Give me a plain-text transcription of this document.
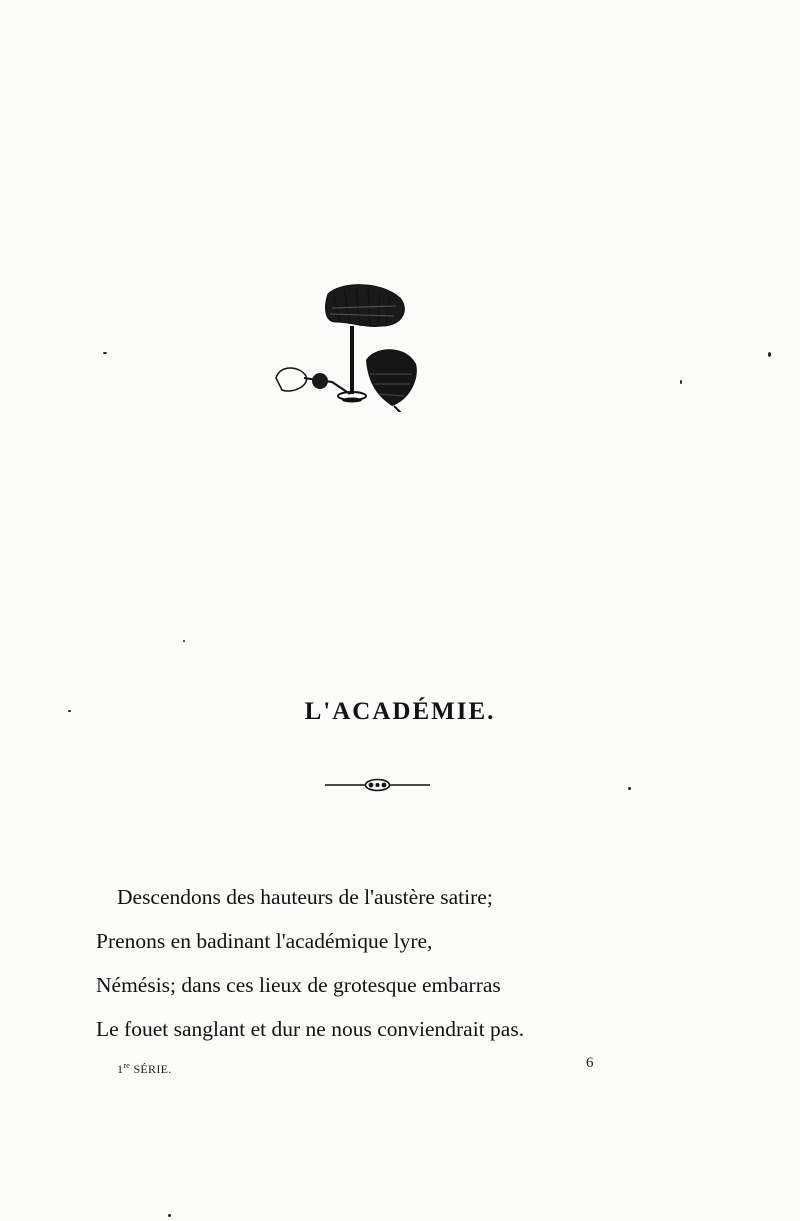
L'ACADÉMIE.
Descendons des hauteurs de l'austère satire;
Prenons en badinant l'académique lyre,
Némésis; dans ces lieux de grotesque embarras
Le fouet sanglant et dur ne nous conviendrait pas.
1re SÉRIE.	6
